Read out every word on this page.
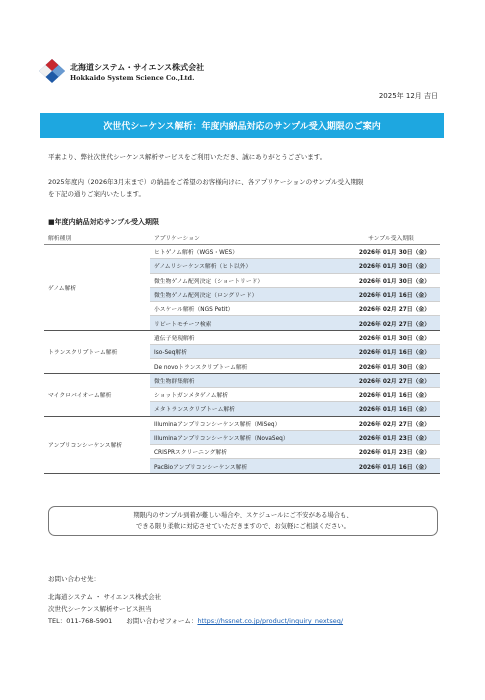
北海道システム・サイエンス株式会社
Hokkaido System Science Co.,Ltd.
2025年 12月 吉日
次世代シーケンス解析：年度内納品対応のサンプル受入期限のご案内
平素より、弊社次世代シーケンス解析サービスをご利用いただき、誠にありがとうございます。
2025年度内（2026年3月末まで）の納品をご希望のお客様向けに、各アプリケーションのサンプル受入期限
を下記の通りご案内いたします。
■年度内納品対応サンプル受入期限
解析種別	アプリケーション	サンプル受入期限
ゲノム解析	ヒトゲノム解析（WGS・WES）	2026年 01月 30日（金）
	ゲノムリシーケンス解析（ヒト以外）	2026年 01月 30日（金）
	微生物ゲノム配列決定（ショートリード）	2026年 01月 30日（金）
	微生物ゲノム配列決定（ロングリード）	2026年 01月 16日（金）
	小スケール解析（NGS Petit）	2026年 02月 27日（金）
	リピートモチーフ検索	2026年 02月 27日（金）
トランスクリプトーム解析	遺伝子発現解析	2026年 01月 30日（金）
	Iso-Seq解析	2026年 01月 16日（金）
	De novoトランスクリプトーム解析	2026年 01月 30日（金）
マイクロバイオーム解析	微生物群集解析	2026年 02月 27日（金）
	ショットガンメタゲノム解析	2026年 01月 16日（金）
	メタトランスクリプトーム解析	2026年 01月 16日（金）
アンプリコンシーケンス解析	Illuminaアンプリコンシーケンス解析（MiSeq）	2026年 02月 27日（金）
	Illuminaアンプリコンシーケンス解析（NovaSeq）	2026年 01月 23日（金）
	CRISPRスクリーニング解析	2026年 01月 23日（金）
	PacBioアンプリコンシーケンス解析	2026年 01月 16日（金）
期限内のサンプル到着が難しい場合や、スケジュールにご不安がある場合も、
できる限り柔軟に対応させていただきますので、お気軽にご相談ください。
お問い合わせ先：
北海道システム ・ サイエンス株式会社
次世代シーケンス解析サービス担当
TEL：011-768-5901 お問い合わせフォーム：https://hssnet.co.jp/product/inquiry_nextseq/
